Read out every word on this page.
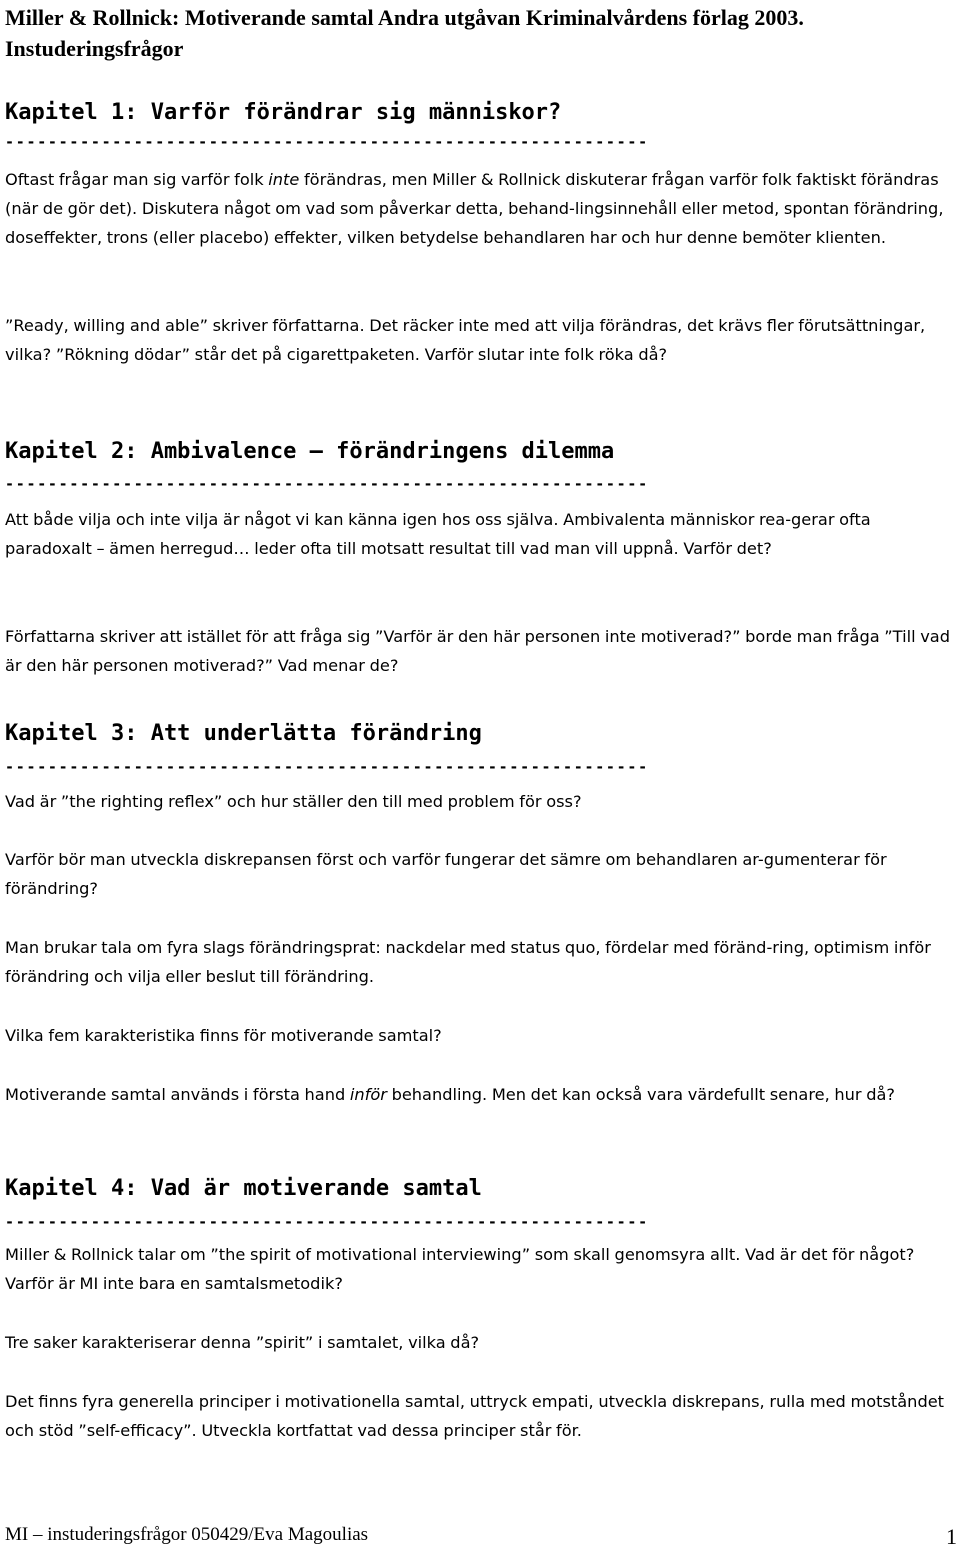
Miller & Rollnick: Motiverande samtal Andra utgåvan Kriminalvårdens förlag 2003.
Instuderingsfrågor
Kapitel 1: Varför förändrar sig människor?
------------------------------------------------------------
Oftast frågar man sig varför folk inte förändras, men Miller & Rollnick diskuterar frågan varför folk faktiskt förändras (när de gör det). Diskutera något om vad som påverkar detta, behand-lingsinnehåll eller metod, spontan förändring, doseffekter, trons (eller placebo) effekter, vilken betydelse behandlaren har och hur denne bemöter klienten.
”Ready, willing and able” skriver författarna. Det räcker inte med att vilja förändras, det krävs fler förutsättningar, vilka? ”Rökning dödar” står det på cigarettpaketen. Varför slutar inte folk röka då?
Kapitel 2: Ambivalence – förändringens dilemma
------------------------------------------------------------
Att både vilja och inte vilja är något vi kan känna igen hos oss själva. Ambivalenta människor rea-gerar ofta paradoxalt – ämen herregud… leder ofta till motsatt resultat till vad man vill uppnå. Varför det?
Författarna skriver att istället för att fråga sig ”Varför är den här personen inte motiverad?” borde man fråga ”Till vad är den här personen motiverad?” Vad menar de?
Kapitel 3: Att underlätta förändring
------------------------------------------------------------
Vad är ”the righting reflex” och hur ställer den till med problem för oss?
Varför bör man utveckla diskrepansen först och varför fungerar det sämre om behandlaren ar-gumenterar för förändring?
Man brukar tala om fyra slags förändringsprat: nackdelar med status quo, fördelar med föränd-ring, optimism inför förändring och vilja eller beslut till förändring.
Vilka fem karakteristika finns för motiverande samtal?
Motiverande samtal används i första hand inför behandling. Men det kan också vara värdefullt senare, hur då?
Kapitel 4: Vad är motiverande samtal
------------------------------------------------------------
Miller & Rollnick talar om ”the spirit of motivational interviewing” som skall genomsyra allt. Vad är det för något? Varför är MI inte bara en samtalsmetodik?
Tre saker karakteriserar denna ”spirit” i samtalet, vilka då?
Det finns fyra generella principer i motivationella samtal, uttryck empati, utveckla diskrepans, rulla med motståndet och stöd ”self-efficacy”. Utveckla kortfattat vad dessa principer står för.
MI – instuderingsfrågor 050429/Eva Magoulias	1
